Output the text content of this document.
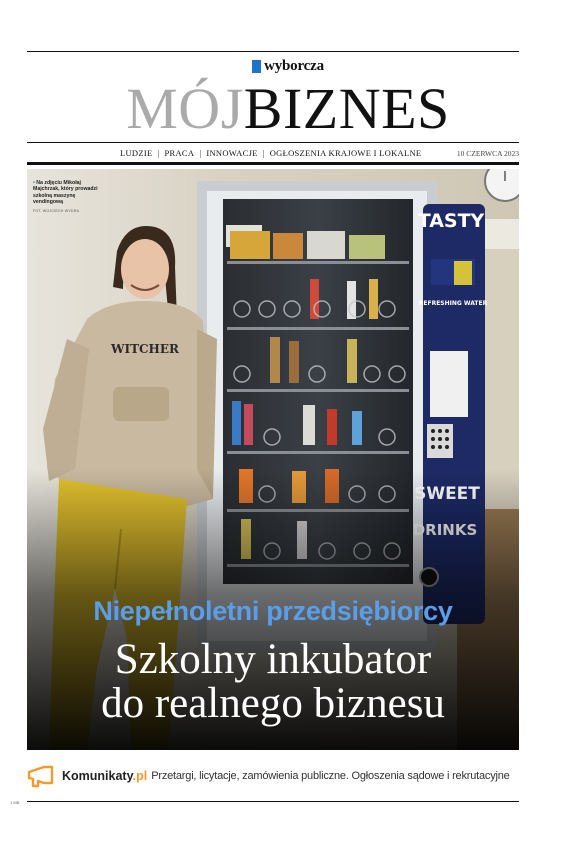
wyborcza
MÓJBIZNES
LUDZIE | PRACA | INNOWACJE | OGŁOSZENIA KRAJOWE I LOKALNE	10 CZERWCA 2023
TASTY
REFRESHING WATER
WITCHER
• Na zdjęciu Mikołaj Majchrzak, który prowadzi szkolną maszynę vendingową
FOT. WOJCIECH WYDRA
Niepełnoletni przedsiębiorcy
Szkolny inkubator
do realnego biznesu
Komunikaty.pl Przetargi, licytacje, zamówienia publiczne. Ogłoszenia sądowe i rekrutacyjne
1 MB
